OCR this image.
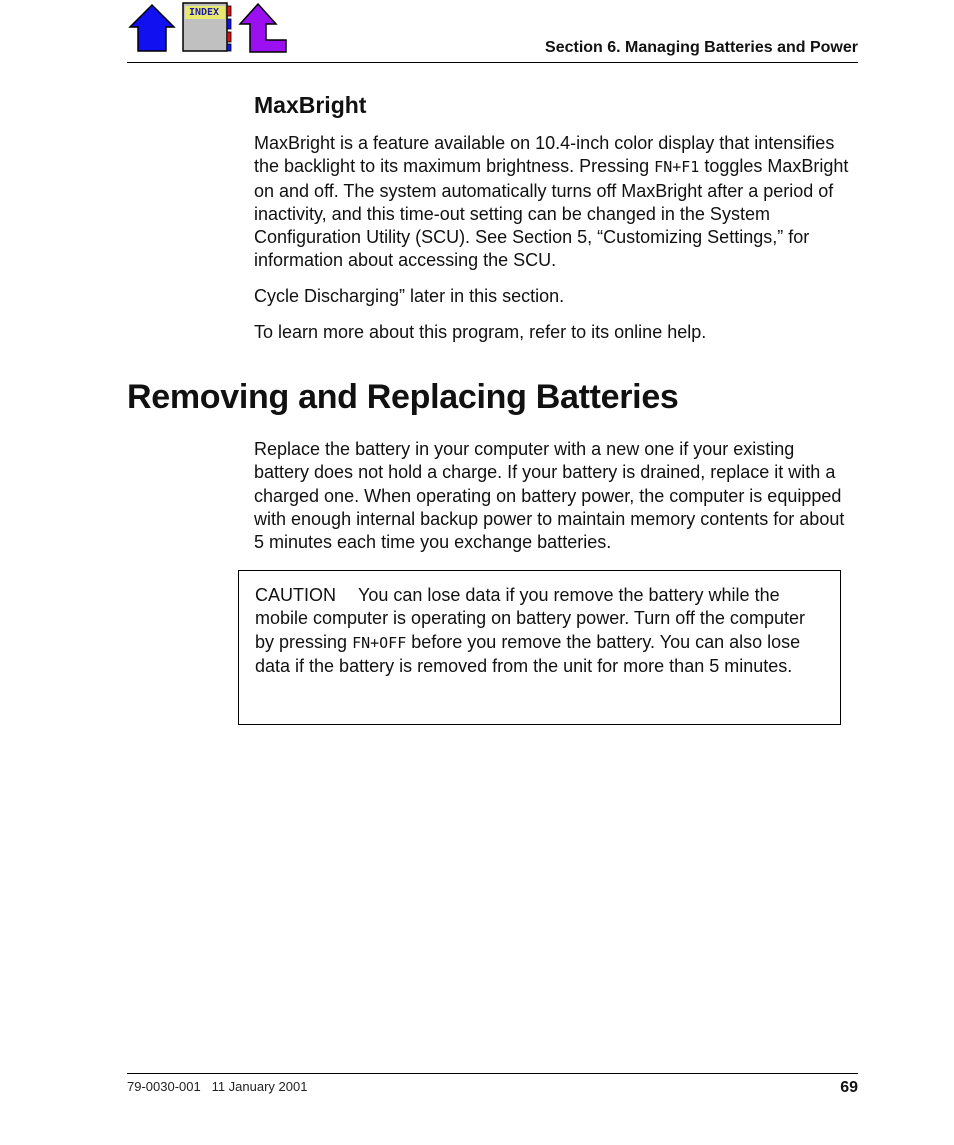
INDEX
Section 6. Managing Batteries and Power
MaxBright

MaxBright is a feature available on 10.4-inch color display that intensifies the backlight to its maximum brightness. Pressing FN+F1 toggles MaxBright on and off. The system automatically turns off MaxBright after a period of inactivity, and this time-out setting can be changed in the System Configuration Utility (SCU). See Section 5, “Customizing Settings,” for information about accessing the SCU.

Cycle Discharging” later in this section.

To learn more about this program, refer to its online help.

Removing and Replacing Batteries

Replace the battery in your computer with a new one if your existing battery does not hold a charge. If your battery is drained, replace it with a charged one. When operating on battery power, the computer is equipped with enough internal backup power to maintain memory contents for about 5 minutes each time you exchange batteries.

CAUTION You can lose data if you remove the battery while the mobile computer is operating on battery power. Turn off the computer by pressing FN+OFF before you remove the battery. You can also lose data if the battery is removed from the unit for more than 5 minutes.
79-0030-001   11 January 2001	69
